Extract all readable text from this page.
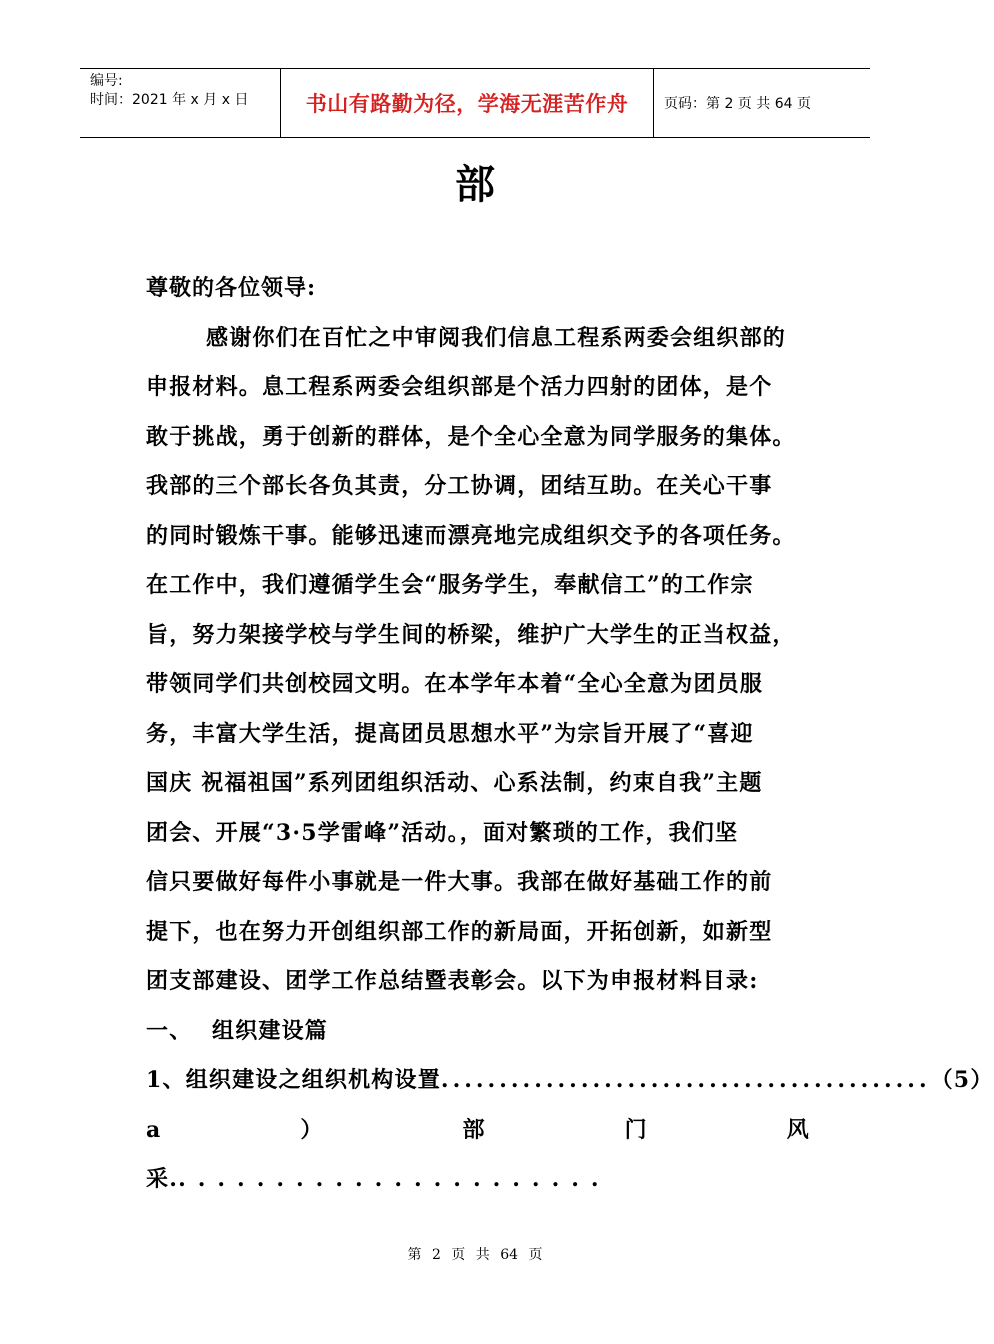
编号:
时间：2021 年 x 月 x 日	书山有路勤为径，学海无涯苦作舟	页码：第 2 页 共 64 页
部
尊敬的各位领导:
感谢你们在百忙之中审阅我们信息工程系两委会组织部的
申报材料。息工程系两委会组织部是个活力四射的团体，是个
敢于挑战，勇于创新的群体，是个全心全意为同学服务的集体。
我部的三个部长各负其责，分工协调，团结互助。在关心干事
的同时锻炼干事。能够迅速而漂亮地完成组织交予的各项任务。
在工作中，我们遵循学生会“服务学生，奉献信工”的工作宗
旨，努力架接学校与学生间的桥梁，维护广大学生的正当权益，
带领同学们共创校园文明。在本学年本着“全心全意为团员服
务，丰富大学生活，提高团员思想水平”为宗旨开展了“喜迎
国庆 祝福祖国”系列团组织活动、心系法制，约束自我”主题
团会、开展“3·5学雷峰”活动。，面对繁琐的工作，我们坚
信只要做好每件小事就是一件大事。我部在做好基础工作的前
提下，也在努力开创组织部工作的新局面，开拓创新，如新型
团支部建设、团学工作总结暨表彰会。以下为申报材料目录:
一、 组织建设篇
1、组织建设之组织机构设置 .......................................... （5）
a	）	部	门	风
采.......................
第 2 页 共 64 页
